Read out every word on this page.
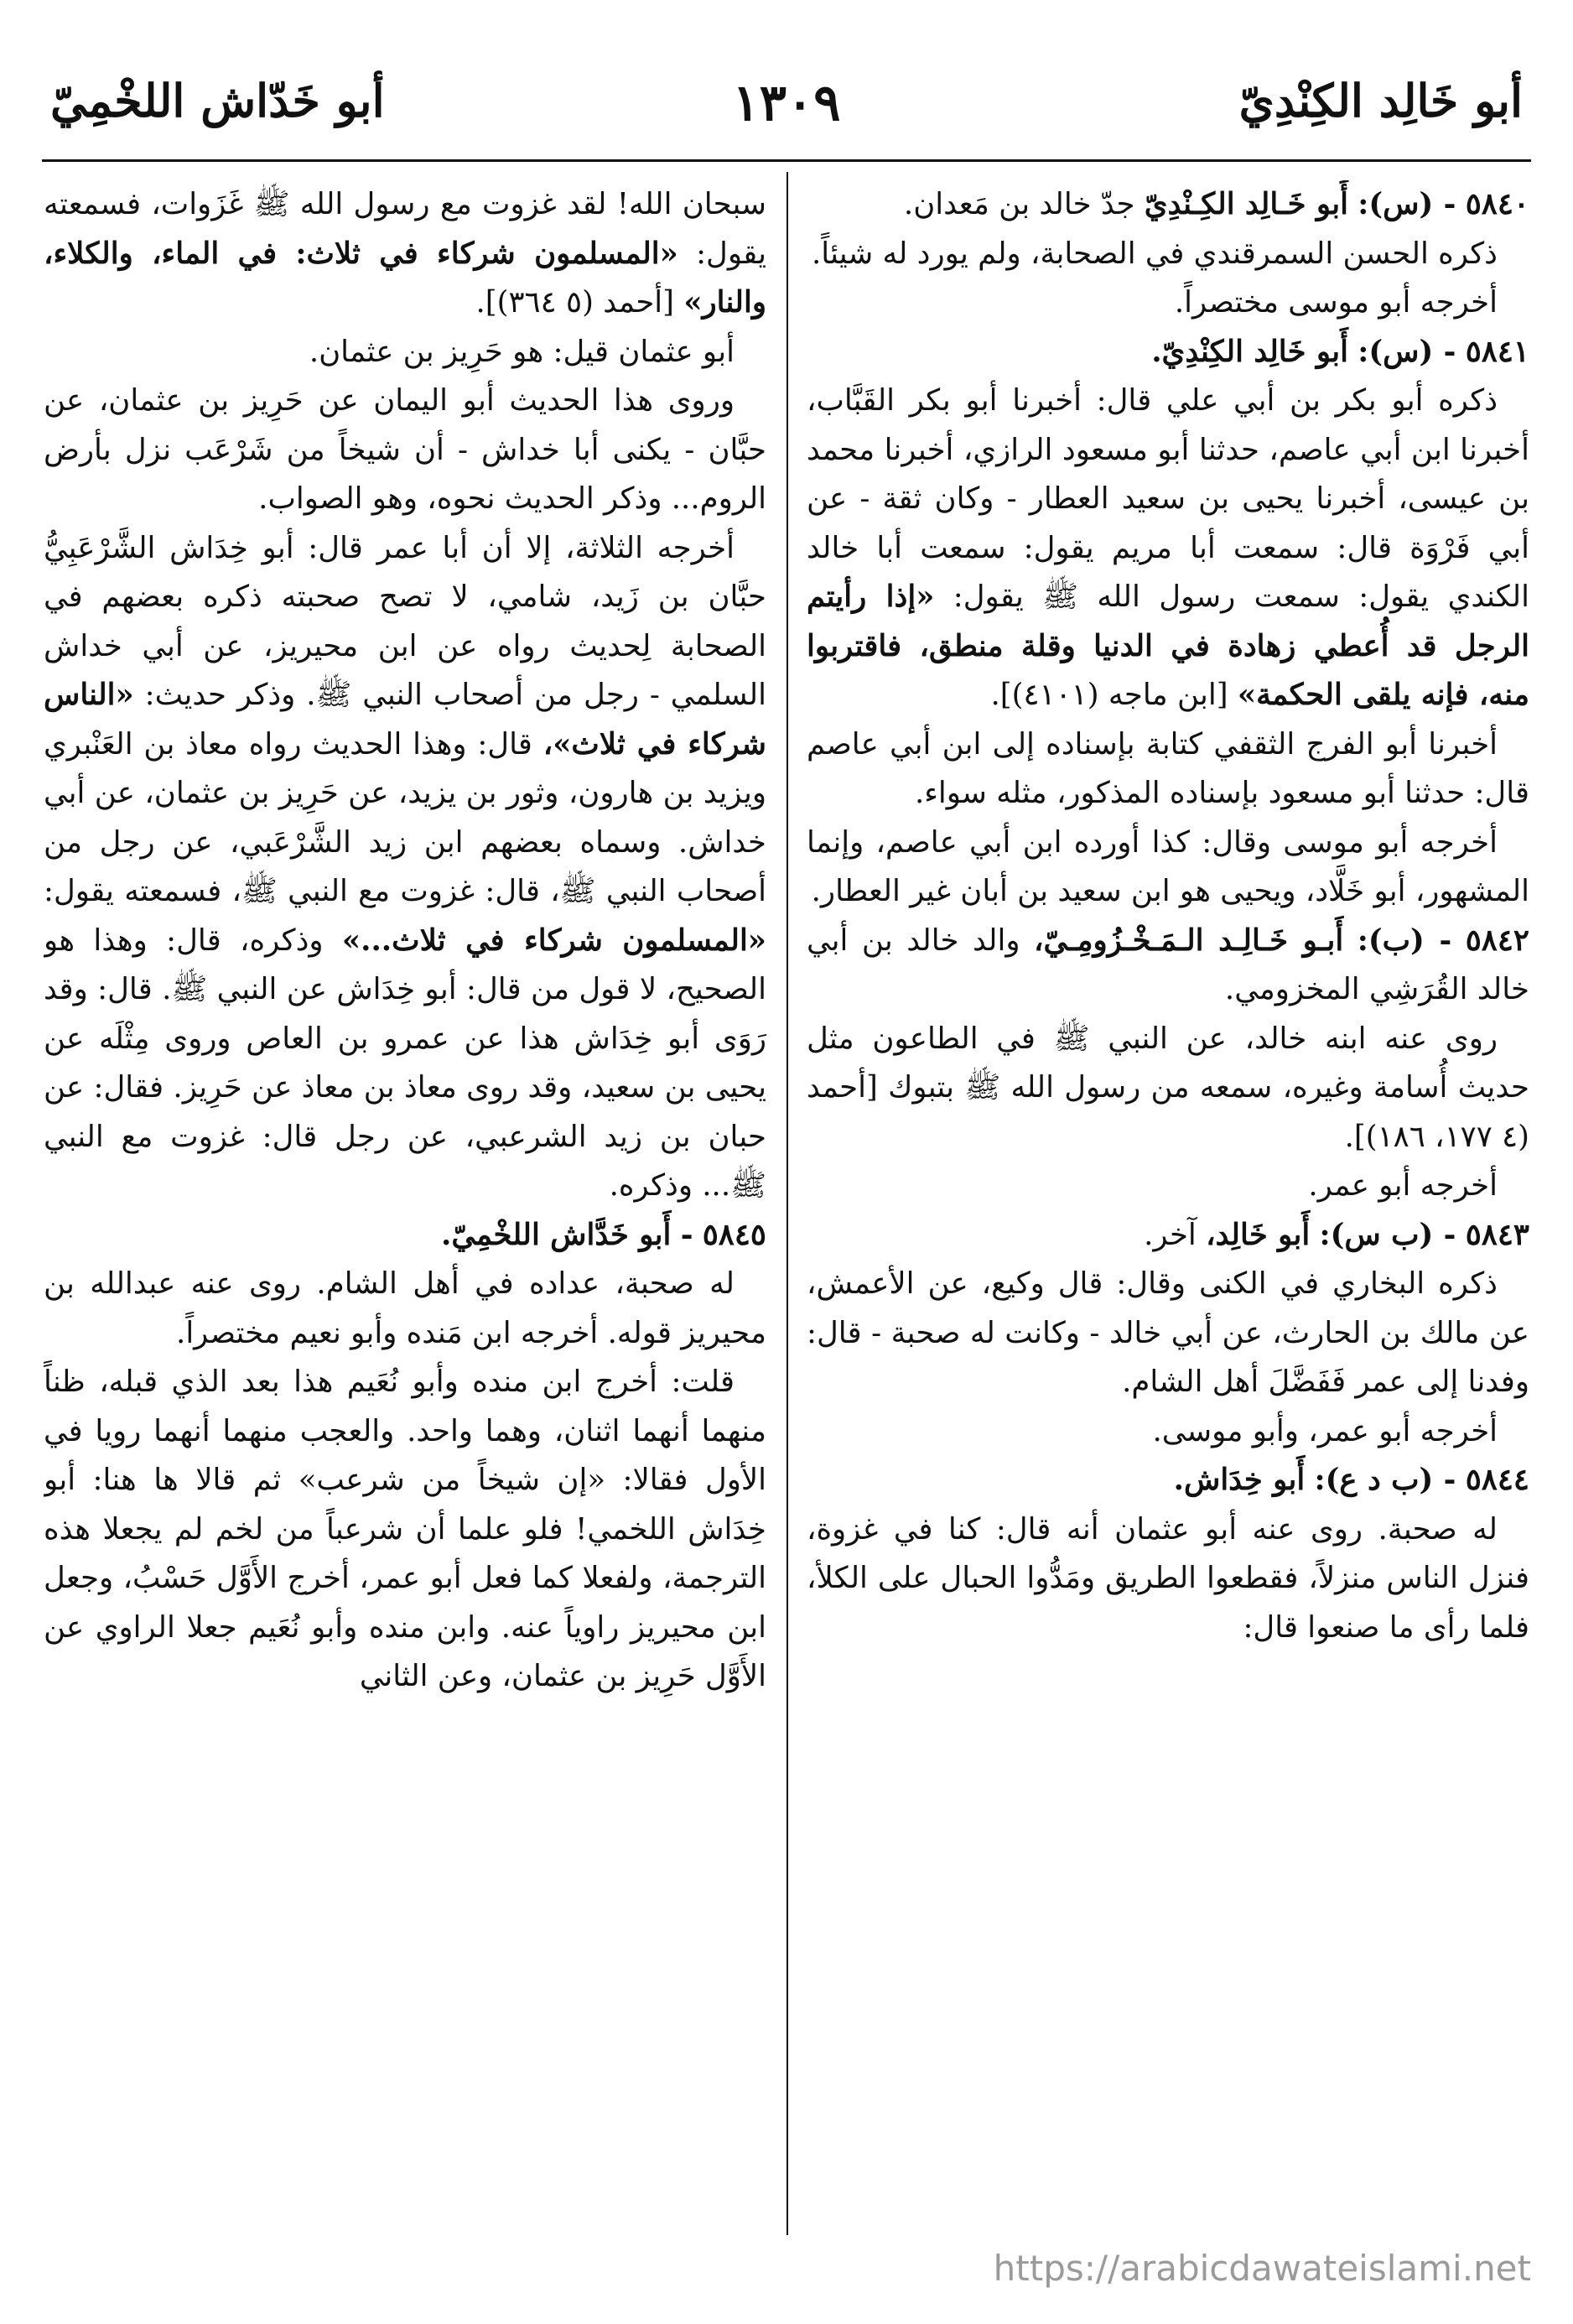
أبو خَالِد الكِنْدِيّ
١٣٠٩
أبو خَدّاش اللخْمِيّ

٥٨٤٠ - (س): أَبو خَـالِد الكِـنْدِيّ جدّ خالد بن مَعدان.

ذكره الحسن السمرقندي في الصحابة، ولم يورد له شيئاً.

أخرجه أبو موسى مختصراً.

٥٨٤١ - (س): أَبو خَالِد الكِنْدِيّ.

ذكره أبو بكر بن أبي علي قال: أخبرنا أبو بكر القَبَّاب، أخبرنا ابن أبي عاصم، حدثنا أبو مسعود الرازي، أخبرنا محمد بن عيسى، أخبرنا يحيى بن سعيد العطار - وكان ثقة - عن أبي فَرْوَة قال: سمعت أبا مريم يقول: سمعت أبا خالد الكندي يقول: سمعت رسول الله ﷺ يقول: «إذا رأيتم الرجل قد أُعطي زهادة في الدنيا وقلة منطق، فاقتربوا منه، فإنه يلقى الحكمة» [ابن ماجه (٤١٠١)].

أخبرنا أبو الفرج الثقفي كتابة بإسناده إلى ابن أبي عاصم قال: حدثنا أبو مسعود بإسناده المذكور، مثله سواء.

أخرجه أبو موسى وقال: كذا أورده ابن أبي عاصم، وإنما المشهور، أبو خَلَّاد، ويحيى هو ابن سعيد بن أبان غير العطار.

٥٨٤٢ - (ب): أَبـو خَـالِـد الـمَـخْـزُومِـيّ، والد خالد بن أبي خالد القُرَشِي المخزومي.

روى عنه ابنه خالد، عن النبي ﷺ في الطاعون مثل حديث أُسامة وغيره، سمعه من رسول الله ﷺ بتبوك [أحمد (٤ ١٧٧، ١٨٦)].

أخرجه أبو عمر.

٥٨٤٣ - (ب س): أَبو خَالِد، آخر.

ذكره البخاري في الكنى وقال: قال وكيع، عن الأعمش، عن مالك بن الحارث، عن أبي خالد - وكانت له صحبة - قال: وفدنا إلى عمر فَفَضَّلَ أهل الشام.

أخرجه أبو عمر، وأبو موسى.

٥٨٤٤ - (ب د ع): أَبو خِدَاش.

له صحبة. روى عنه أبو عثمان أنه قال: كنا في غزوة، فنزل الناس منزلاً، فقطعوا الطريق ومَدُّوا الحبال على الكلأ، فلما رأى ما صنعوا قال:

سبحان الله! لقد غزوت مع رسول الله ﷺ غَزَوات، فسمعته يقول: «المسلمون شركاء في ثلاث: في الماء، والكلاء، والنار» [أحمد (٥ ٣٦٤)].

أبو عثمان قيل: هو حَرِيز بن عثمان.

وروى هذا الحديث أبو اليمان عن حَرِيز بن عثمان، عن حبَّان - يكنى أبا خداش - أن شيخاً من شَرْعَب نزل بأرض الروم... وذكر الحديث نحوه، وهو الصواب.

أخرجه الثلاثة، إلا أن أبا عمر قال: أبو خِدَاش الشَّرْعَبِيُّ حبَّان بن زَيد، شامي، لا تصح صحبته ذكره بعضهم في الصحابة لِحديث رواه عن ابن محيريز، عن أبي خداش السلمي - رجل من أصحاب النبي ﷺ. وذكر حديث: «الناس شركاء في ثلاث»، قال: وهذا الحديث رواه معاذ بن العَنْبري ويزيد بن هارون، وثور بن يزيد، عن حَرِيز بن عثمان، عن أبي خداش. وسماه بعضهم ابن زيد الشَّرْعَبي، عن رجل من أصحاب النبي ﷺ، قال: غزوت مع النبي ﷺ، فسمعته يقول: «المسلمون شركاء في ثلاث...» وذكره، قال: وهذا هو الصحيح، لا قول من قال: أبو خِدَاش عن النبي ﷺ. قال: وقد رَوَى أبو خِدَاش هذا عن عمرو بن العاص وروى مِثْلَه عن يحيى بن سعيد، وقد روى معاذ بن معاذ عن حَرِيز. فقال: عن حبان بن زيد الشرعبي، عن رجل قال: غزوت مع النبي ﷺ... وذكره.

٥٨٤٥ - أَبو خَدَّاش اللخْمِيّ.

له صحبة، عداده في أهل الشام. روى عنه عبدالله بن محيريز قوله. أخرجه ابن مَنده وأبو نعيم مختصراً.

قلت: أخرج ابن منده وأبو نُعَيم هذا بعد الذي قبله، ظناً منهما أنهما اثنان، وهما واحد. والعجب منهما أنهما رويا في الأول فقالا: «إن شيخاً من شرعب» ثم قالا ها هنا: أبو خِدَاش اللخمي! فلو علما أن شرعباً من لخم لم يجعلا هذه الترجمة، ولفعلا كما فعل أبو عمر، أخرج الأَوَّل حَسْبُ، وجعل ابن محيريز راوياً عنه. وابن منده وأبو نُعَيم جعلا الراوي عن الأَوَّل حَرِيز بن عثمان، وعن الثاني

https://arabicdawateislami.net
